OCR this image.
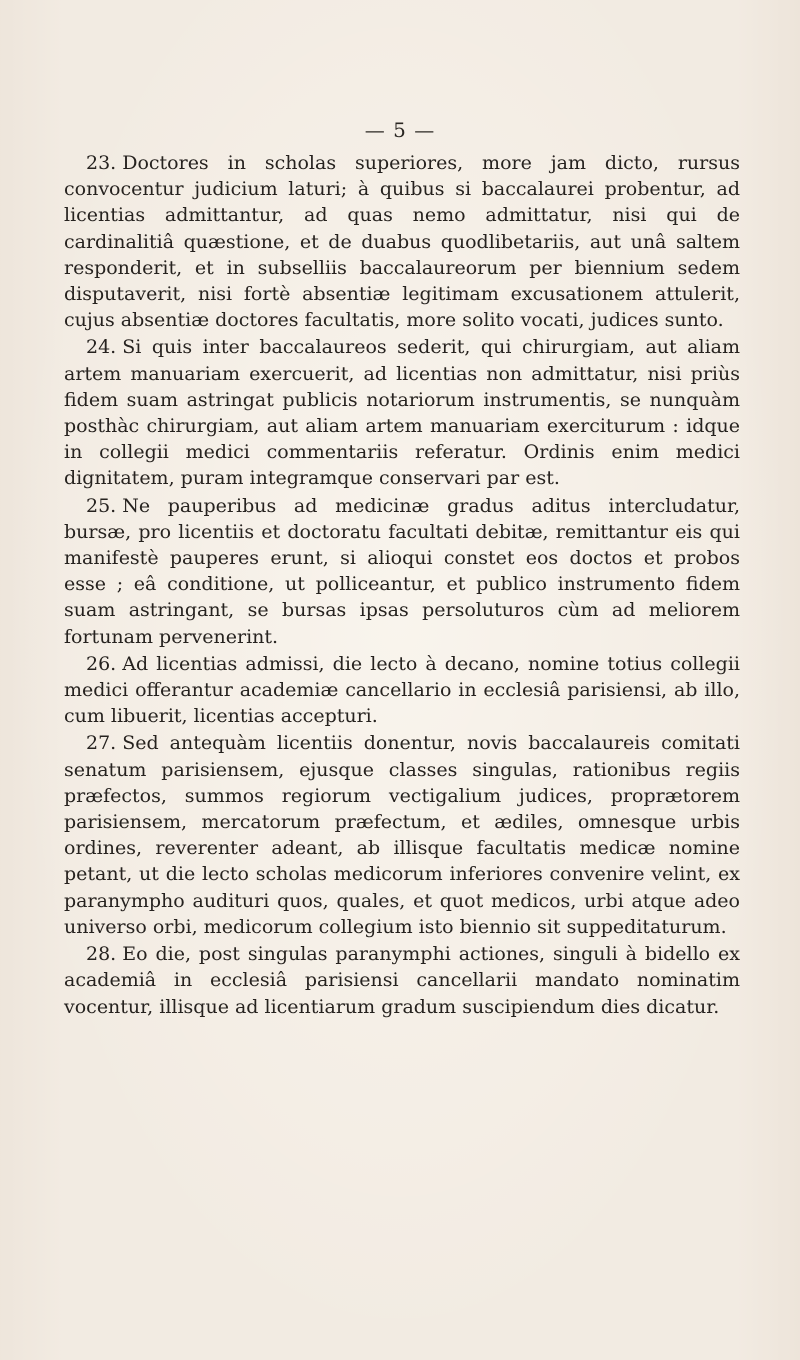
— 5 —

23. Doctores in scholas superiores, more jam dicto, rursus convocentur judicium laturi; à quibus si baccalaurei probentur, ad licentias admittantur, ad quas nemo admittatur, nisi qui de cardinalitiâ quæstione, et de duabus quodlibetariis, aut unâ saltem responderit, et in subselliis baccalaureorum per biennium sedem disputaverit, nisi fortè absentiæ legitimam excusationem attulerit, cujus absentiæ doctores facultatis, more solito vocati, judices sunto.

24. Si quis inter baccalaureos sederit, qui chirurgiam, aut aliam artem manuariam exercuerit, ad licentias non admittatur, nisi priùs fidem suam astringat publicis notariorum instrumentis, se nunquàm posthàc chirurgiam, aut aliam artem manuariam exerciturum : idque in collegii medici commentariis referatur. Ordinis enim medici dignitatem, puram integramque conservari par est.

25. Ne pauperibus ad medicinæ gradus aditus intercludatur, bursæ, pro licentiis et doctoratu facultati debitæ, remittantur eis qui manifestè pauperes erunt, si alioqui constet eos doctos et probos esse ; eâ conditione, ut polliceantur, et publico instrumento fidem suam astringant, se bursas ipsas persoluturos cùm ad meliorem fortunam pervenerint.

26. Ad licentias admissi, die lecto à decano, nomine totius collegii medici offerantur academiæ cancellario in ecclesiâ parisiensi, ab illo, cum libuerit, licentias accepturi.

27. Sed antequàm licentiis donentur, novis baccalaureis comitati senatum parisiensem, ejusque classes singulas, rationibus regiis præfectos, summos regiorum vectigalium judices, proprætorem parisiensem, mercatorum præfectum, et ædiles, omnesque urbis ordines, reverenter adeant, ab illisque facultatis medicæ nomine petant, ut die lecto scholas medicorum inferiores convenire velint, ex paranympho audituri quos, quales, et quot medicos, urbi atque adeo universo orbi, medicorum collegium isto biennio sit suppeditaturum.

28. Eo die, post singulas paranymphi actiones, singuli à bidello ex academiâ in ecclesiâ parisiensi cancellarii mandato nominatim vocentur, illisque ad licentiarum gradum suscipiendum dies dicatur.
